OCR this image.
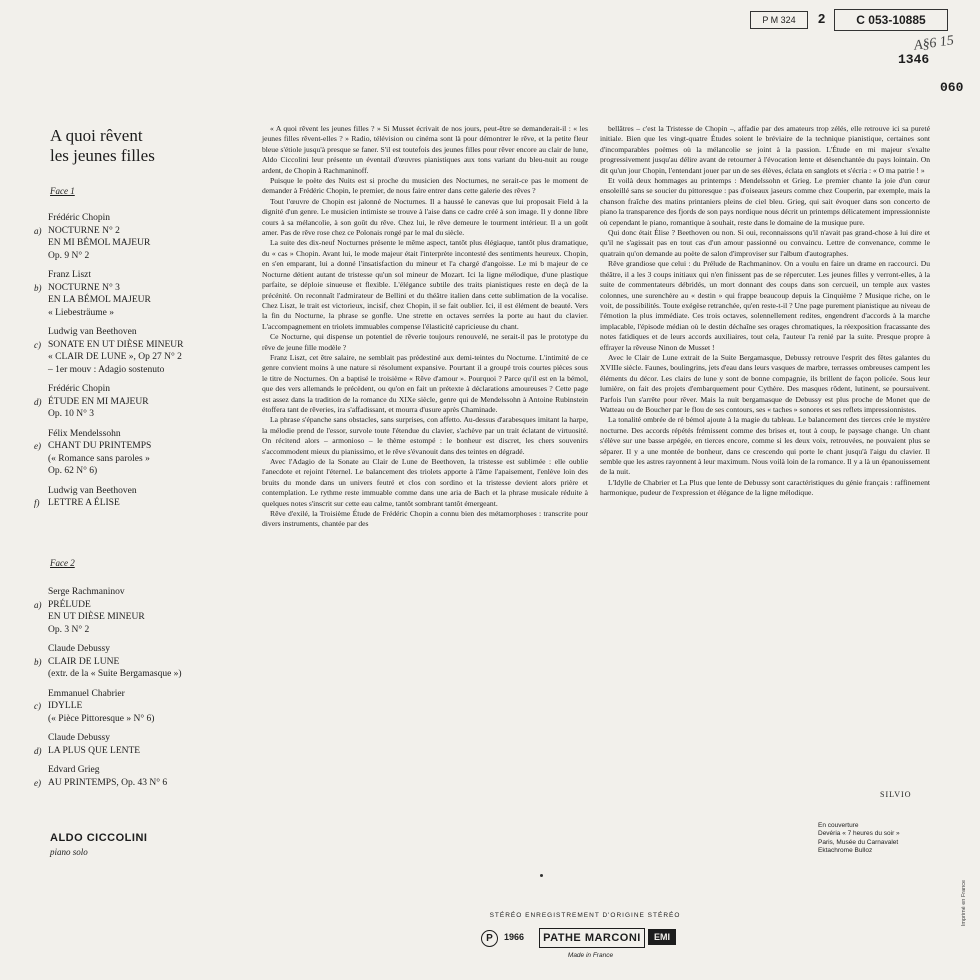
P M 324	2	C 053-10885
A§6 15
1346
060
A quoi rêvent
les jeunes filles
Face 1
Frédéric Chopin
a) NOCTURNE N° 2
EN MI BÉMOL MAJEUR
Op. 9 N° 2
Franz Liszt
b) NOCTURNE N° 3
EN LA BÉMOL MAJEUR
« Liebesträume »
Ludwig van Beethoven
c) SONATE EN UT DIÈSE MINEUR
« CLAIR DE LUNE », Op 27 N° 2
– 1er mouv : Adagio sostenuto
Frédéric Chopin
d) ÉTUDE EN MI MAJEUR
Op. 10 N° 3
Félix Mendelssohn
e) CHANT DU PRINTEMPS
(« Romance sans paroles »
Op. 62 N° 6)
Ludwig van Beethoven
f) LETTRE A ÉLISE
Face 2
Serge Rachmaninov
a) PRÉLUDE
EN UT DIÈSE MINEUR
Op. 3 N° 2
Claude Debussy
b) CLAIR DE LUNE
(extr. de la « Suite Bergamasque »)
Emmanuel Chabrier
c) IDYLLE
(« Pièce Pittoresque » N° 6)
Claude Debussy
d) LA PLUS QUE LENTE
Edvard Grieg
e) AU PRINTEMPS, Op. 43 N° 6
ALDO CICCOLINI
piano solo

« A quoi rêvent les jeunes filles ? » Si Musset écrivait de nos jours, peut-être se demanderait-il : « les jeunes filles rêvent-elles ? » Radio, télévision ou cinéma sont là pour démontrer le rêve, et la petite fleur bleue s'étiole jusqu'à presque se faner. S'il est toutefois des jeunes filles pour rêver encore au clair de lune, Aldo Ciccolini leur présente un éventail d'œuvres pianistiques aux tons variant du bleu-nuit au rouge ardent, de Chopin à Rachmaninoff.

Puisque le poète des Nuits est si proche du musicien des Nocturnes, ne serait-ce pas le moment de demander à Frédéric Chopin, le premier, de nous faire entrer dans cette galerie des rêves ?

Tout l'œuvre de Chopin est jalonné de Nocturnes. Il a haussé le canevas que lui proposait Field à la dignité d'un genre. Le musicien intimiste se trouve à l'aise dans ce cadre créé à son image. Il y donne libre cours à sa mélancolie, à son goût du rêve. Chez lui, le rêve demeure le tourment intérieur. Il a un goût amer. Pas de rêve rose chez ce Polonais rongé par le mal du siècle.

La suite des dix-neuf Nocturnes présente le même aspect, tantôt plus élégiaque, tantôt plus dramatique, du « cas » Chopin. Avant lui, le mode majeur était l'interprète incontesté des sentiments heureux. Chopin, en s'en emparant, lui a donné l'insatisfaction du mineur et l'a chargé d'angoisse. Le mi b majeur de ce Nocturne détient autant de tristesse qu'un sol mineur de Mozart. Ici la ligne mélodique, d'une plastique parfaite, se déploie sinueuse et flexible. L'élégance subtile des traits pianistiques reste en deçà de la précénité. On reconnaît l'admirateur de Bellini et du théâtre italien dans cette sublimation de la vocalise. Chez Liszt, le trait est victorieux, incisif, chez Chopin, il se fait oublier. Ici, il est élément de beauté. Vers la fin du Nocturne, la phrase se gonfle. Une strette en octaves serrées la porte au haut du clavier. L'accompagnement en triolets immuables compense l'élasticité capricieuse du chant.

Ce Nocturne, qui dispense un potentiel de rêverie toujours renouvelé, ne serait-il pas le prototype du rêve de jeune fille modèle ?

Franz Liszt, cet être salaire, ne semblait pas prédestiné aux demi-teintes du Nocturne. L'intimité de ce genre convient moins à une nature si résolument expansive. Pourtant il a groupé trois courtes pièces sous le titre de Nocturnes. On a baptisé le troisième « Rêve d'amour ». Pourquoi ? Parce qu'il est en la bémol, que des vers allemands le précèdent, ou qu'on en fait un prétexte à déclarations amoureuses ? Cette page est assez dans la tradition de la romance du XIXe siècle, genre qui de Mendelssohn à Antoine Rubinstein étoffera tant de rêveries, ira s'affadissant, et mourra d'usure après Chaminade.

La phrase s'épanche sans obstacles, sans surprises, con affetto. Au-dessus d'arabesques imitant la harpe, la mélodie prend de l'essor, survole toute l'étendue du clavier, s'achève par un trait éclatant de virtuosité. On récitend alors – armonioso – le thème estompé : le bonheur est discret, les chers souvenirs s'accommodent mieux du pianissimo, et le rêve s'évanouit dans des teintes en dégradé.

Avec l'Adagio de la Sonate au Clair de Lune de Beethoven, la tristesse est sublimée : elle oublie l'anecdote et rejoint l'éternel. Le balancement des triolets apporte à l'âme l'apaisement, l'enlève loin des bruits du monde dans un univers feutré et clos con sordino et la tristesse devient alors prière et contemplation. Le rythme reste immuable comme dans une aria de Bach et la phrase musicale réduite à quelques notes s'inscrit sur cette eau calme, tantôt sombrant tantôt émergeant.

Rêve d'exilé, la Troisième Étude de Frédéric Chopin a connu bien des métamorphoses : transcrite pour divers instruments, chantée par des

bellâtres – c'est la Tristesse de Chopin –, affadie par des amateurs trop zélés, elle retrouve ici sa pureté initiale. Bien que les vingt-quatre Études soient le bréviaire de la technique pianistique, certaines sont d'incomparables poèmes où la mélancolie se joint à la passion. L'Étude en mi majeur s'exalte progressivement jusqu'au délire avant de retourner à l'évocation lente et désenchantée du pays lointain. On dit qu'un jour Chopin, l'entendant jouer par un de ses élèves, éclata en sanglots et s'écria : « O ma patrie ! »

Et voilà deux hommages au printemps : Mendelssohn et Grieg. Le premier chante la joie d'un cœur ensoleillé sans se soucier du pittoresque : pas d'oiseaux jaseurs comme chez Couperin, par exemple, mais la chanson fraîche des matins printaniers pleins de ciel bleu. Grieg, qui sait évoquer dans son concerto de piano la transparence des fjords de son pays nordique nous décrit un printemps délicatement impressionniste où cependant le piano, romantique à souhait, reste dans le domaine de la musique pure.

Qui donc était Élise ? Beethoven ou non. Si oui, reconnaissons qu'il n'avait pas grand-chose à lui dire et qu'il ne s'agissait pas en tout cas d'un amour passionné ou convaincu. Lettre de convenance, comme le quatrain qu'on demande au poète de salon d'improviser sur l'album d'autographes.

Rêve grandiose que celui : du Prélude de Rachmaninov. On a voulu en faire un drame en raccourci. Du théâtre, il a les 3 coups initiaux qui n'en finissent pas de se répercuter. Les jeunes filles y verront-elles, à la suite de commentateurs débridés, un mort donnant des coups dans son cercueil, un temple aux vastes colonnes, une surenchère au « destin » qui frappe beaucoup depuis la Cinquième ? Musique riche, on le voit, de possibilités. Toute exégèse retranchée, qu'en reste-t-il ? Une page purement pianistique au niveau de l'émotion la plus immédiate. Ces trois octaves, solennellement redites, engendrent d'accords à la marche implacable, l'épisode médian où le destin déchaîne ses orages chromatiques, la réexposition fracassante des notes fatidiques et de leurs accords auxiliaires, tout cela, l'auteur l'a renié par la suite. Presque propre à effrayer la rêveuse Ninon de Musset !

Avec le Clair de Lune extrait de la Suite Bergamasque, Debussy retrouve l'esprit des fêtes galantes du XVIIIe siècle. Faunes, boulingrins, jets d'eau dans leurs vasques de marbre, terrasses ombreuses campent les éléments du décor. Les clairs de lune y sont de bonne compagnie, ils brillent de façon policée. Sous leur lumière, on fait des projets d'embarquement pour Cythère. Des masques rôdent, lutinent, se poursuivent. Parfois l'un s'arrête pour rêver. Mais la nuit bergamasque de Debussy est plus proche de Monet que de Watteau ou de Boucher par le flou de ses contours, ses « taches » sonores et ses reflets impressionnistes.

La tonalité ombrée de ré bémol ajoute à la magie du tableau. Le balancement des tierces crée le mystère nocturne. Des accords répétés frémissent comme des brises et, tout à coup, le paysage change. Un chant s'élève sur une basse arpégée, en tierces encore, comme si les deux voix, retrouvées, ne pouvaient plus se séparer. Il y a une montée de bonheur, dans ce crescendo qui porte le chant jusqu'à l'aigu du clavier. Il semble que les astres rayonnent à leur maximum. Nous voilà loin de la romance. Il y a là un épanouissement de la nuit.

L'Idylle de Chabrier et La Plus que lente de Debussy sont caractéristiques du génie français : raffinement harmonique, pudeur de l'expression et élégance de la ligne mélodique.

SILVIO
En couverture
Devéria « 7 heures du soir »
Paris, Musée du Carnavalet
Ektachrome Bulloz
STÉRÉO ENREGISTREMENT D'ORIGINE STÉRÉO
P	1966	PATHE MARCONI	EMI
Made in France
Imprimé en France
